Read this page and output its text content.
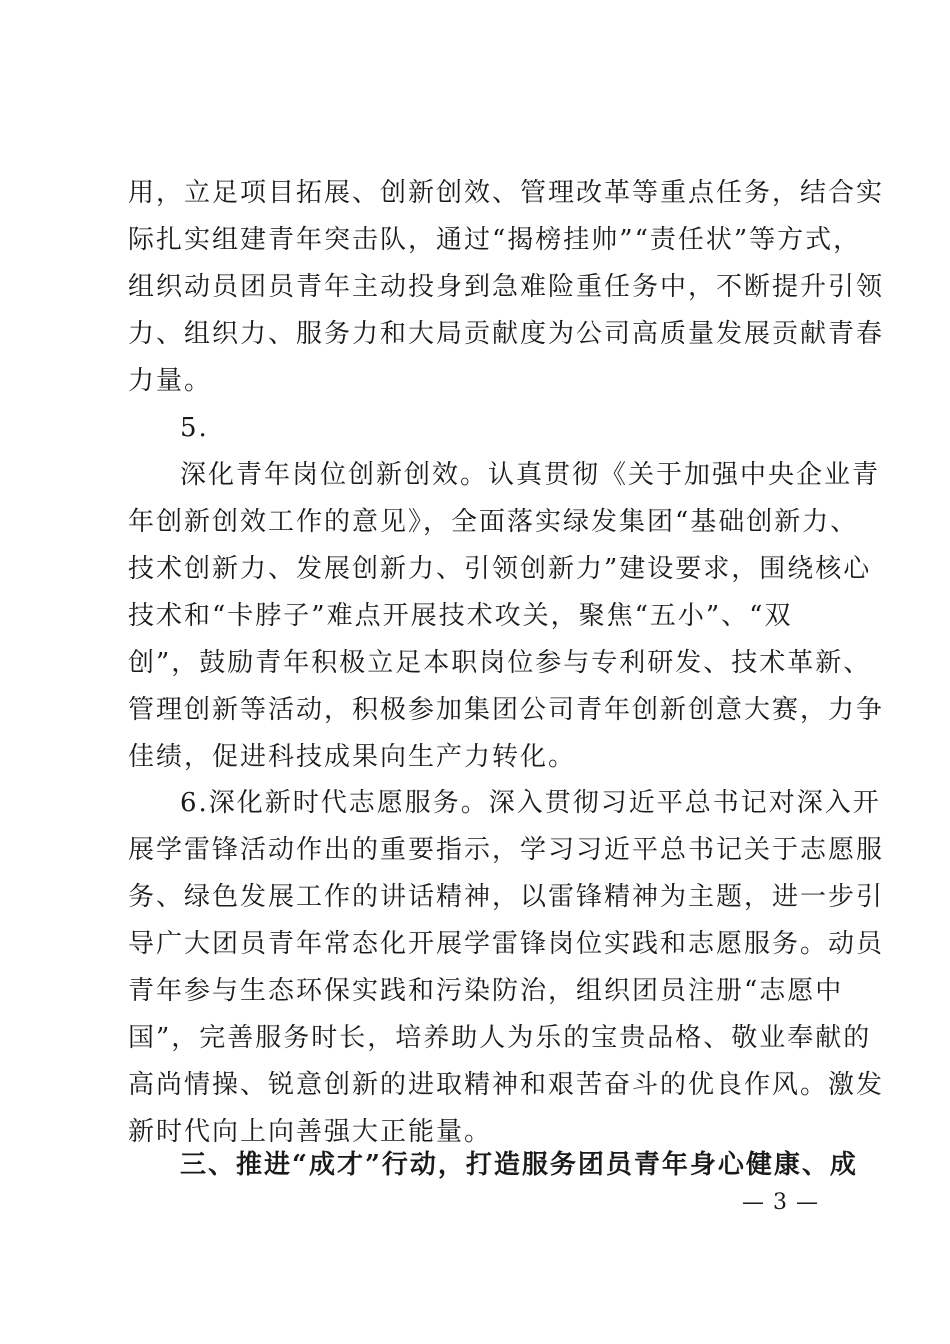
用，立足项目拓展、创新创效、管理改革等重点任务，结合实
际扎实组建青年突击队，通过“揭榜挂帅”“责任状”等方式，
组织动员团员青年主动投身到急难险重任务中，不断提升引领
力、组织力、服务力和大局贡献度为公司高质量发展贡献青春
力量。
5.
深化青年岗位创新创效。认真贯彻《关于加强中央企业青
年创新创效工作的意见》，全面落实绿发集团“基础创新力、
技术创新力、发展创新力、引领创新力”建设要求，围绕核心
技术和“卡脖子”难点开展技术攻关，聚焦“五小”、“双
创”，鼓励青年积极立足本职岗位参与专利研发、技术革新、
管理创新等活动，积极参加集团公司青年创新创意大赛，力争
佳绩，促进科技成果向生产力转化。
6.深化新时代志愿服务。深入贯彻习近平总书记对深入开
展学雷锋活动作出的重要指示，学习习近平总书记关于志愿服
务、绿色发展工作的讲话精神，以雷锋精神为主题，进一步引
导广大团员青年常态化开展学雷锋岗位实践和志愿服务。动员
青年参与生态环保实践和污染防治，组织团员注册“志愿中
国”，完善服务时长，培养助人为乐的宝贵品格、敬业奉献的
高尚情操、锐意创新的进取精神和艰苦奋斗的优良作风。激发
新时代向上向善强大正能量。
三、推进“成才”行动，打造服务团员青年身心健康、成
— 3 —
